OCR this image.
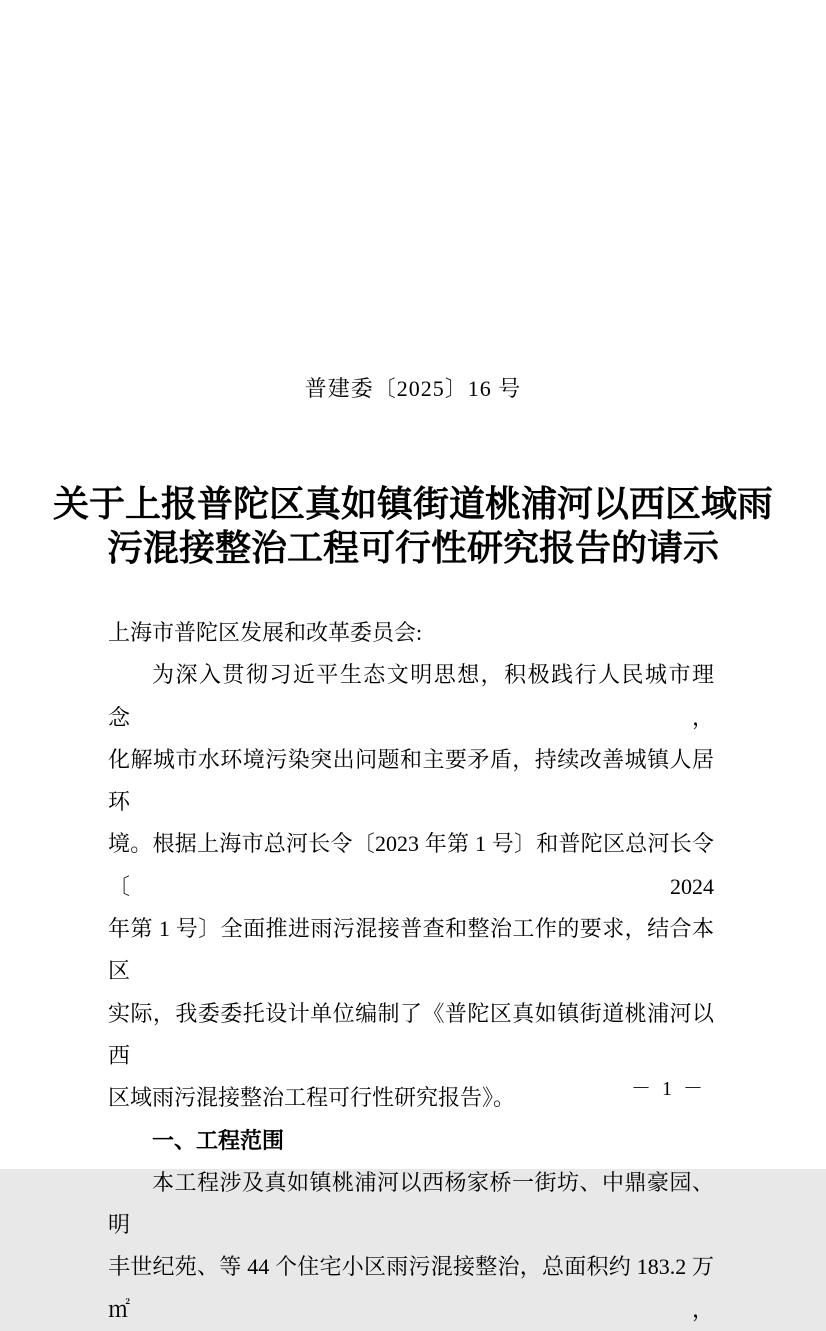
普建委〔2025〕16 号
关于上报普陀区真如镇街道桃浦河以西区域雨
污混接整治工程可行性研究报告的请示
上海市普陀区发展和改革委员会:
为深入贯彻习近平生态文明思想，积极践行人民城市理念，
化解城市水环境污染突出问题和主要矛盾，持续改善城镇人居环
境。根据上海市总河长令〔2023 年第 1 号〕和普陀区总河长令〔2024
年第 1 号〕全面推进雨污混接普查和整治工作的要求，结合本区
实际，我委委托设计单位编制了《普陀区真如镇街道桃浦河以西
区域雨污混接整治工程可行性研究报告》。
一、工程范围
本工程涉及真如镇桃浦河以西杨家桥一街坊、中鼎豪园、明
丰世纪苑、等 44 个住宅小区雨污混接整治，总面积约 183.2 万㎡ ，
－ 1 －
